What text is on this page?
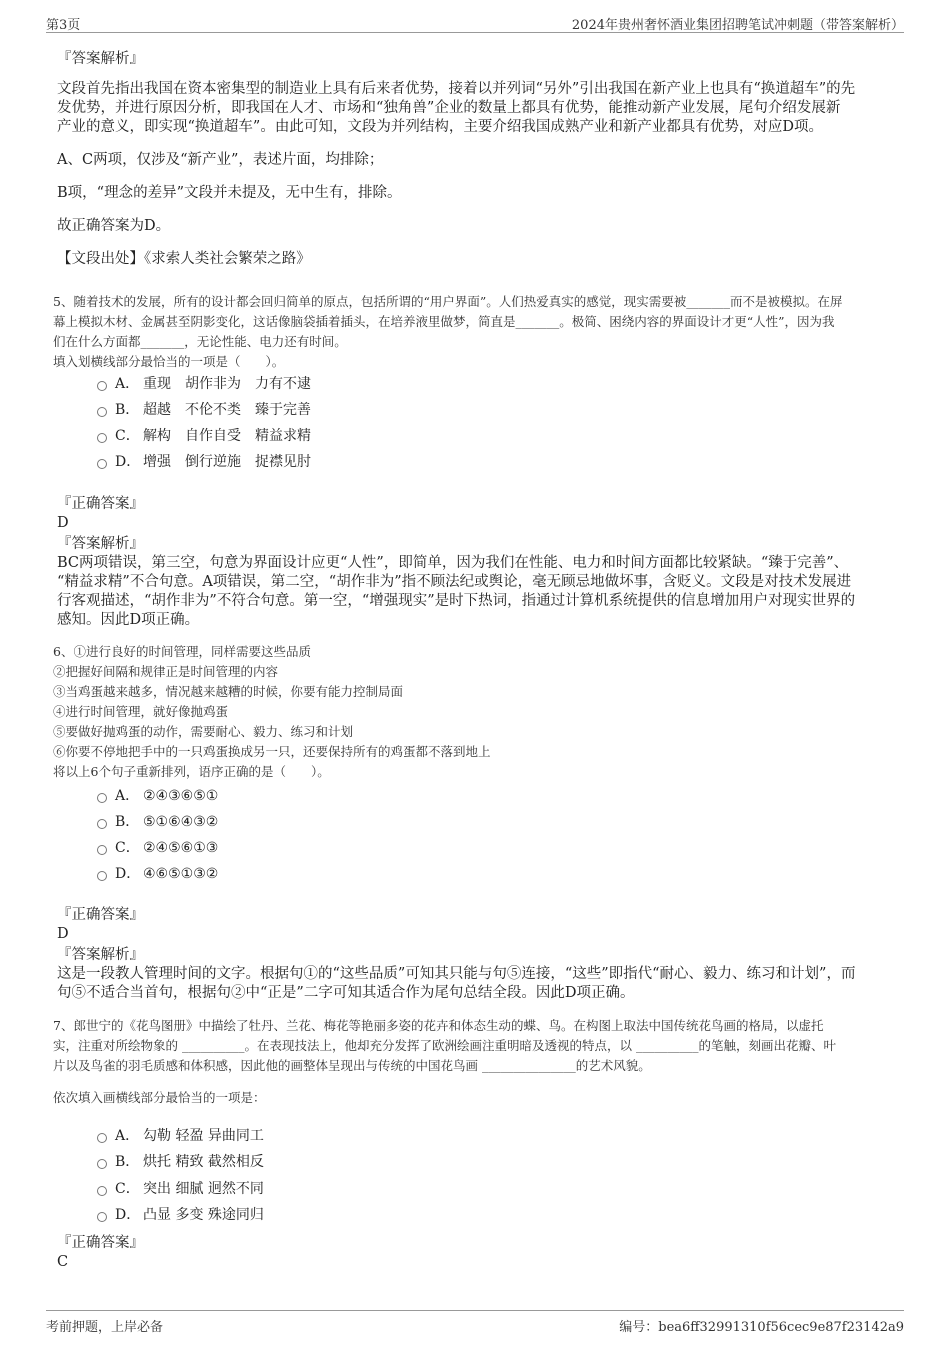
第3页	2024年贵州奢怀酒业集团招聘笔试冲刺题（带答案解析）
『答案解析』
文段首先指出我国在资本密集型的制造业上具有后来者优势，接着以并列词“另外”引出我国在新产业上也具有“换道超车”的先
发优势，并进行原因分析，即我国在人才、市场和“独角兽”企业的数量上都具有优势，能推动新产业发展，尾句介绍发展新
产业的意义，即实现“换道超车”。由此可知，文段为并列结构，主要介绍我国成熟产业和新产业都具有优势，对应D项。
A、C两项，仅涉及“新产业”，表述片面，均排除；
B项，“理念的差异”文段并未提及，无中生有，排除。
故正确答案为D。
【文段出处】《求索人类社会繁荣之路》
5、随着技术的发展，所有的设计都会回归简单的原点，包括所谓的“用户界面”。人们热爱真实的感觉，现实需要被_______而不是被模拟。在屏
幕上模拟木材、金属甚至阴影变化，这话像脑袋插着插头，在培养液里做梦，简直是_______。极简、困绕内容的界面设计才更“人性”，因为我
们在什么方面都_______，无论性能、电力还有时间。
填入划横线部分最恰当的一项是（　　）。
A． 重现　胡作非为　力有不逮
B． 超越　不伦不类　臻于完善
C． 解构　自作自受　精益求精
D． 增强　倒行逆施　捉襟见肘
『正确答案』
D
『答案解析』
BC两项错误，第三空，句意为界面设计应更“人性”，即简单，因为我们在性能、电力和时间方面都比较紧缺。“臻于完善”、
“精益求精”不合句意。A项错误，第二空，“胡作非为”指不顾法纪或舆论，毫无顾忌地做坏事，含贬义。文段是对技术发展进
行客观描述，“胡作非为”不符合句意。第一空，“增强现实”是时下热词，指通过计算机系统提供的信息增加用户对现实世界的
感知。因此D项正确。
6、①进行良好的时间管理，同样需要这些品质
②把握好间隔和规律正是时间管理的内容
③当鸡蛋越来越多，情况越来越糟的时候，你要有能力控制局面
④进行时间管理，就好像抛鸡蛋
⑤要做好抛鸡蛋的动作，需要耐心、毅力、练习和计划
⑥你要不停地把手中的一只鸡蛋换成另一只，还要保持所有的鸡蛋都不落到地上
将以上6个句子重新排列，语序正确的是（　　）。
A． ②④③⑥⑤①
B． ⑤①⑥④③②
C． ②④⑤⑥①③
D． ④⑥⑤①③②
『正确答案』
D
『答案解析』
这是一段教人管理时间的文字。根据句①的“这些品质”可知其只能与句⑤连接，“这些”即指代“耐心、毅力、练习和计划”，而
句⑤不适合当首句，根据句②中“正是”二字可知其适合作为尾句总结全段。因此D项正确。
7、郎世宁的《花鸟图册》中描绘了牡丹、兰花、梅花等艳丽多姿的花卉和体态生动的蝶、鸟。在构图上取法中国传统花鸟画的格局，以虚托
实，注重对所绘物象的 __________。在表现技法上，他却充分发挥了欧洲绘画注重明暗及透视的特点，以 __________的笔触，刻画出花瓣、叶
片以及鸟雀的羽毛质感和体积感，因此他的画整体呈现出与传统的中国花鸟画 _______________的艺术风貌。
依次填入画横线部分最恰当的一项是：
A． 勾勒 轻盈 异曲同工
B． 烘托 精致 截然相反
C． 突出 细腻 迥然不同
D． 凸显 多变 殊途同归
『正确答案』
C
考前押题，上岸必备	编号：bea6ff32991310f56cec9e87f23142a9
